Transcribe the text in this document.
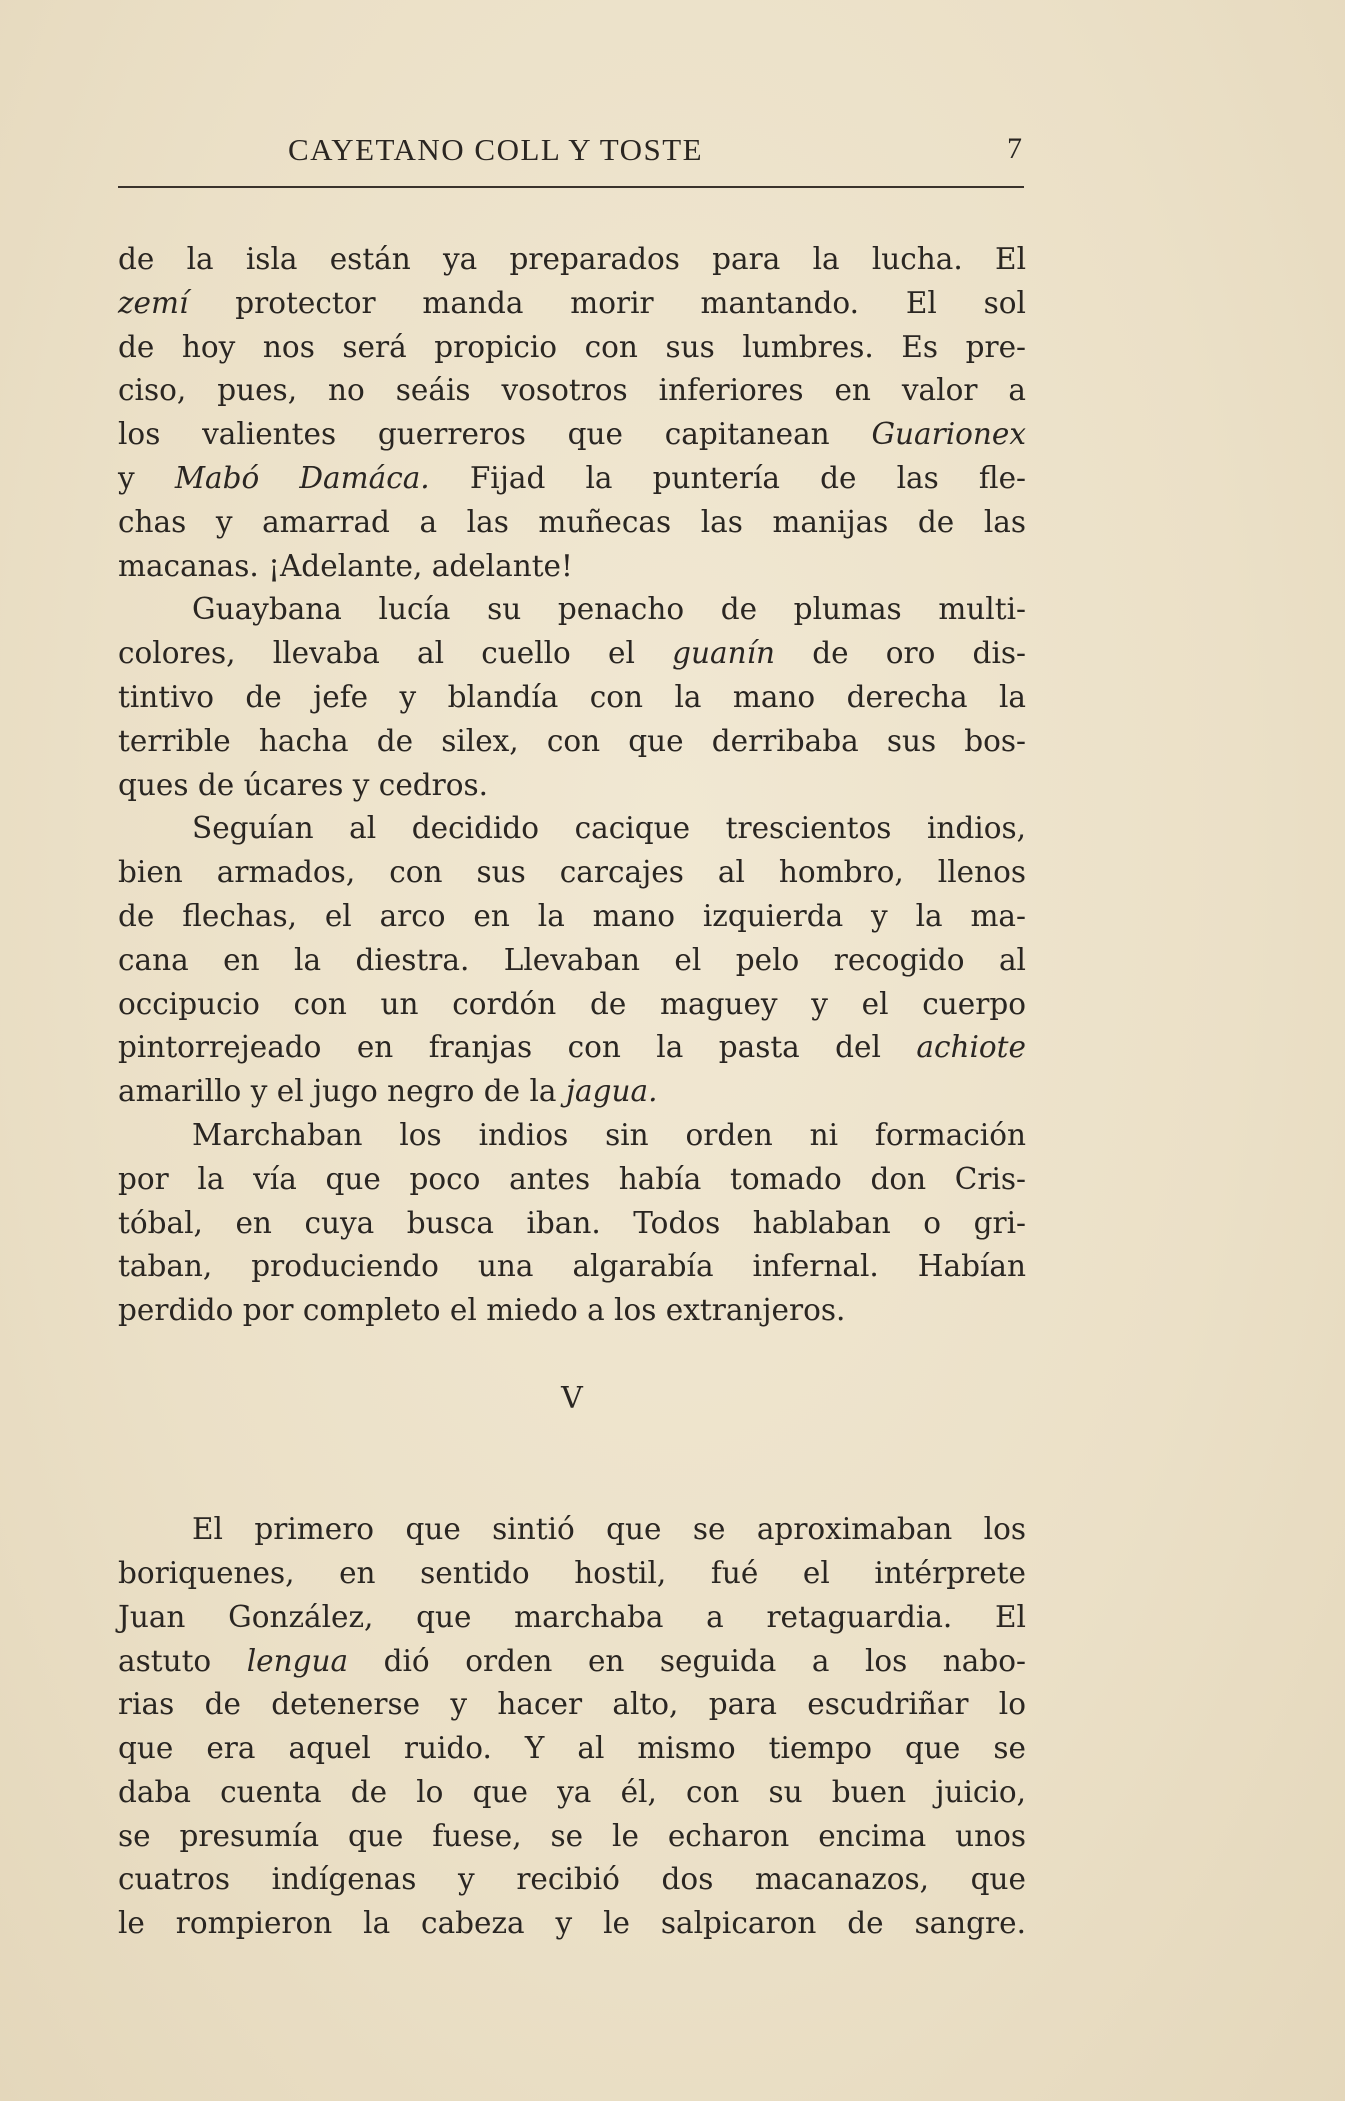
CAYETANO COLL Y TOSTE	7

de la isla están ya preparados para la lucha. El
zemí protector manda morir mantando. El sol
de hoy nos será propicio con sus lumbres. Es pre-
ciso, pues, no seáis vosotros inferiores en valor a
los valientes guerreros que capitanean Guarionex
y Mabó Damáca. Fijad la puntería de las fle-
chas y amarrad a las muñecas las manijas de las
macanas. ¡Adelante, adelante!

Guaybana lucía su penacho de plumas multi-
colores, llevaba al cuello el guanín de oro dis-
tintivo de jefe y blandía con la mano derecha la
terrible hacha de silex, con que derribaba sus bos-
ques de úcares y cedros.

Seguían al decidido cacique trescientos indios,
bien armados, con sus carcajes al hombro, llenos
de flechas, el arco en la mano izquierda y la ma-
cana en la diestra. Llevaban el pelo recogido al
occipucio con un cordón de maguey y el cuerpo
pintorrejeado en franjas con la pasta del achiote
amarillo y el jugo negro de la jagua.

Marchaban los indios sin orden ni formación
por la vía que poco antes había tomado don Cris-
tóbal, en cuya busca iban. Todos hablaban o gri-
taban, produciendo una algarabía infernal. Habían
perdido por completo el miedo a los extranjeros.

V

El primero que sintió que se aproximaban los
boriquenes, en sentido hostil, fué el intérprete
Juan González, que marchaba a retaguardia. El
astuto lengua dió orden en seguida a los nabo-
rias de detenerse y hacer alto, para escudriñar lo
que era aquel ruido. Y al mismo tiempo que se
daba cuenta de lo que ya él, con su buen juicio,
se presumía que fuese, se le echaron encima unos
cuatros indígenas y recibió dos macanazos, que
le rompieron la cabeza y le salpicaron de sangre.
